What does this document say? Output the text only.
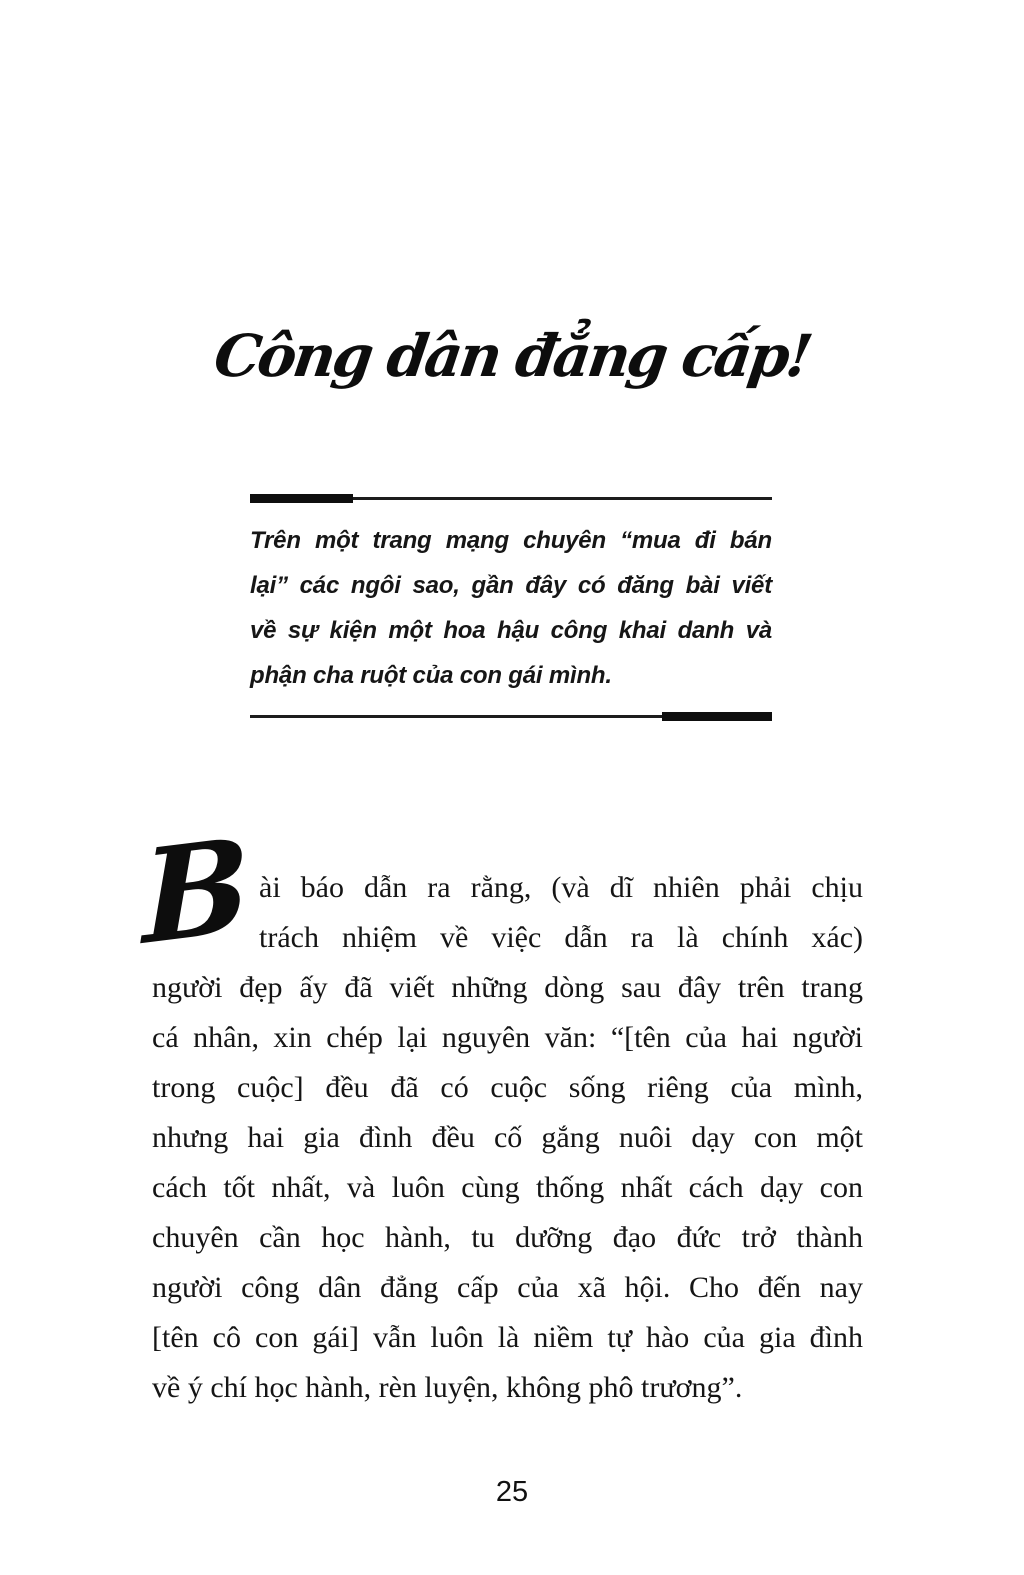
Công dân đẳng cấp!
Trên một trang mạng chuyên “mua đi bán
lại” các ngôi sao, gần đây có đăng bài viết
về sự kiện một hoa hậu công khai danh và
phận cha ruột của con gái mình.
B ài báo dẫn ra rằng, (và dĩ nhiên phải chịu
trách nhiệm về việc dẫn ra là chính xác)
người đẹp ấy đã viết những dòng sau đây trên trang
cá nhân, xin chép lại nguyên văn: “[tên của hai người
trong cuộc] đều đã có cuộc sống riêng của mình,
nhưng hai gia đình đều cố gắng nuôi dạy con một
cách tốt nhất, và luôn cùng thống nhất cách dạy con
chuyên cần học hành, tu dưỡng đạo đức trở thành
người công dân đẳng cấp của xã hội. Cho đến nay
[tên cô con gái] vẫn luôn là niềm tự hào của gia đình
về ý chí học hành, rèn luyện, không phô trương”.
25
